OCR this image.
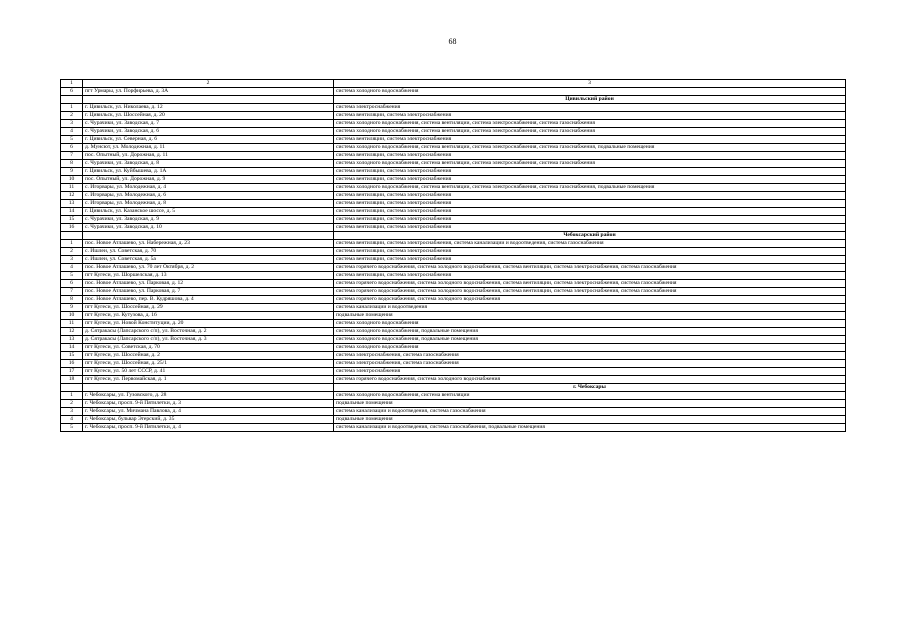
68
1	2	3
6	пгт Урмары, ул. Порфирьева, д. 3А	система холодного водоснабжения
		Цивильский район
1	г. Цивильск, ул. Николаева, д. 12	система электроснабжения
2	г. Цивильск, ул. Шоссейная, д. 20	система вентиляции, система электроснабжения
3	с. Чурачики, ул. Заводская, д. 7	система холодного водоснабжения, система вентиляции, система электроснабжения, система газоснабжения
4	с. Чурачики, ул. Заводская, д. 6	система холодного водоснабжения, система вентиляции, система электроснабжения, система газоснабжения
5	г. Цивильск, ул. Северная, д. 6	система вентиляции, система электроснабжения
6	д. Мунсют, ул. Молодежная, д. 11	система холодного водоснабжения, система вентиляции, система электроснабжения, система газоснабжения, подвальные помещения
7	пос. Опытный, ул. Дорожная, д. 11	система вентиляции, система электроснабжения
8	с. Чурачики, ул. Заводская, д. 8	система холодного водоснабжения, система вентиляции, система электроснабжения, система газоснабжения
9	г. Цивильск, ул. Куйбышева, д. 1А	система вентиляции, система электроснабжения
10	пос. Опытный, ул. Дорожная, д. 9	система вентиляции, система электроснабжения
11	с. Игорвары, ул. Молодежная, д. 4	система холодного водоснабжения, система вентиляции, система электроснабжения, система газоснабжения, подвальные помещения
12	с. Игорвары, ул. Молодежная, д. 6	система вентиляции, система электроснабжения
13	с. Игорвары, ул. Молодежная, д. 8	система вентиляции, система электроснабжения
14	г. Цивильск, ул. Казанское шоссе, д. 5	система вентиляции, система электроснабжения
15	с. Чурачики, ул. Заводская, д. 9	система вентиляции, система электроснабжения
16	с. Чурачики, ул. Заводская, д. 10	система вентиляции, система электроснабжения
		Чебоксарский район
1	пос. Новое Атлашево, ул. Набережная, д. 23	система вентиляции, система электроснабжения, система канализации и водоотведения, система газоснабжения
2	с. Ишлеи, ул. Советская, д. 70	система вентиляции, система электроснабжения
3	с. Ишлеи, ул. Советская, д. 5а	система вентиляции, система электроснабжения
4	пос. Новое Атлашево, ул. 70 лет Октября, д. 2	система горячего водоснабжения, система холодного водоснабжения, система вентиляции, система электроснабжения, система газоснабжения
5	пгт Кугеси, ул. Шоршелская, д. 13	система вентиляции, система электроснабжения
6	пос. Новое Атлашево, ул. Парковая, д. 12	система горячего водоснабжения, система холодного водоснабжения, система вентиляции, система электроснабжения, система газоснабжения
7	пос. Новое Атлашево, ул. Парковая, д. 7	система горячего водоснабжения, система холодного водоснабжения, система вентиляции, система электроснабжения, система газоснабжения
8	пос. Новое Атлашево, пер. В. Кудряшова, д. 4	система горячего водоснабжения, система холодного водоснабжения
9	пгт Кугеси, ул. Шоссейная, д. 29	система канализации и водоотведения
10	пгт Кугеси, ул. Кутузова, д. 16	подвальные помещения
11	пгт Кугеси, ул. Новой Конституции, д. 20	система холодного водоснабжения
12	д. Сятракасы (Лапсарского с/п), ул. Восточная, д. 2	система холодного водоснабжения, подвальные помещения
13	д. Сятракасы (Лапсарского с/п), ул. Восточная, д. 3	система холодного водоснабжения, подвальные помещения
14	пгт Кугеси, ул. Советская, д. 70	система холодного водоснабжения
15	пгт Кугеси, ул. Шоссейная, д. 2	система электроснабжения, система газоснабжения
16	пгт Кугеси, ул. Шоссейная, д. 25/1	система электроснабжения, система газоснабжения
17	пгт Кугеси, ул. 50 лет СССР, д. 41	система электроснабжения
18	пгт Кугеси, ул. Первомайская, д. 1	система горячего водоснабжения, система холодного водоснабжения
		г. Чебоксары
1	г. Чебоксары, ул. Гузовского, д. 28	система холодного водоснабжения, система вентиляции
2	г. Чебоксары, просп. 9-й Пятилетки, д. 3	подвальные помещения
3	г. Чебоксары, ул. Мичмана Павлова, д. 4	система канализации и водоотведения, система газоснабжения
4	г. Чебоксары, бульвар Эгерский, д. 35	подвальные помещения
5	г. Чебоксары, просп. 9-й Пятилетки, д. 4	система канализации и водоотведения, система газоснабжения, подвальные помещения
